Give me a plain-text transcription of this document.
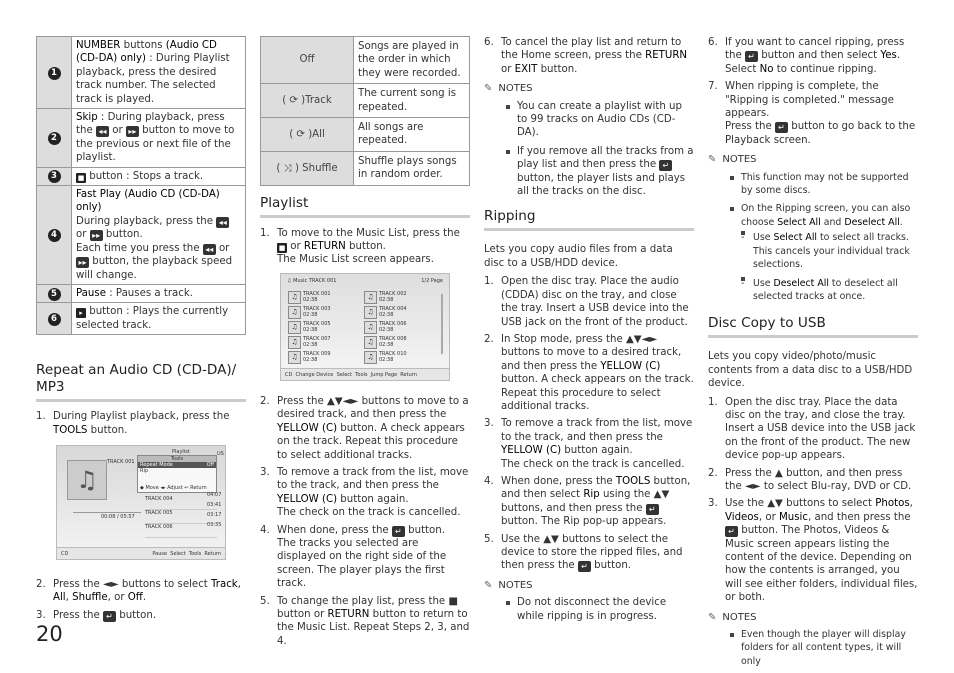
1	NUMBER buttons (Audio CD (CD-DA) only) : During Playlist playback, press the desired track number. The selected track is played.
2	Skip : During playback, press the ◂◂ or ▸▸ button to move to the previous or next file of the playlist.
3	■ button : Stops a track.
4	Fast Play (Audio CD (CD-DA) only)
During playback, press the ◂◂ or ▸▸ button.
Each time you press the ◂◂ or ▸▸ button, the playback speed will change.
5	Pause : Pauses a track.
6	▸ button : Plays the currently selected track.
Repeat an Audio CD (CD-DA)/ MP3
1. During Playlist playback, press the TOOLS button.
♫
Playlist
TRACK 001
US
Tools
Repeat Mode	Off
Rip
◆ Move ◂▸ Adjust ↩ Return
TRACK 004
TRACK 005
TRACK 006
04:07
03:41
03:17
03:35
00:08 / 05:57
CD	Pause Select Tools Return
2. Press the ◄► buttons to select Track, All, Shuffle, or Off.
3. Press the ↵ button.
Off	Songs are played in the order in which they were recorded.
( ⟳ )Track	The current song is repeated.
( ⟳ )All	All songs are repeated.
( ⤨ ) Shuffle	Shuffle plays songs in random order.
Playlist
1. To move to the Music List, press the ■ or RETURN button.
The Music List screen appears.
♫ Music TRACK 001	1/2 Page
♫	TRACK 001
02:38	♫	TRACK 002
02:38
♫	TRACK 003
02:38	♫	TRACK 004
02:38
♫	TRACK 005
02:38	♫	TRACK 006
02:38
♫	TRACK 007
02:38	♫	TRACK 008
02:38
♫	TRACK 009
02:38	♫	TRACK 010
02:38
CD Change Device Select Tools Jump Page Return
2. Press the ▲▼◄► buttons to move to a desired track, and then press the YELLOW (C) button. A check appears on the track. Repeat this procedure to select additional tracks.
3. To remove a track from the list, move to the track, and then press the YELLOW (C) button again.
The check on the track is cancelled.
4. When done, press the ↵ button.
The tracks you selected are displayed on the right side of the screen. The player plays the first track.
5. To change the play list, press the ■ button or RETURN button to return to the Music List. Repeat Steps 2, 3, and 4.
6. To cancel the play list and return to the Home screen, press the RETURN or EXIT button.
✎ NOTES
You can create a playlist with up to 99 tracks on Audio CDs (CD-DA).
If you remove all the tracks from a play list and then press the ↵ button, the player lists and plays all the tracks on the disc.
Ripping
Lets you copy audio files from a data disc to a USB/HDD device.
1. Open the disc tray. Place the audio (CDDA) disc on the tray, and close the tray. Insert a USB device into the USB jack on the front of the product.
2. In Stop mode, press the ▲▼◄► buttons to move to a desired track, and then press the YELLOW (C) button. A check appears on the track.
Repeat this procedure to select additional tracks.
3. To remove a track from the list, move to the track, and then press the YELLOW (C) button again.
The check on the track is cancelled.
4. When done, press the TOOLS button, and then select Rip using the ▲▼ buttons, and then press the ↵ button. The Rip pop-up appears.
5. Use the ▲▼ buttons to select the device to store the ripped files, and then press the ↵ button.
✎ NOTES
Do not disconnect the device while ripping is in progress.
6. If you want to cancel ripping, press the ↵ button and then select Yes. Select No to continue ripping.
7. When ripping is complete, the "Ripping is completed." message appears.
Press the ↵ button to go back to the Playback screen.
✎ NOTES
This function may not be supported by some discs.
On the Ripping screen, you can also choose Select All and Deselect All.
- Use Select All to select all tracks. This cancels your individual track selections.
- Use Deselect All to deselect all selected tracks at once.
Disc Copy to USB
Lets you copy video/photo/music contents from a data disc to a USB/HDD device.
1. Open the disc tray. Place the data disc on the tray, and close the tray. Insert a USB device into the USB jack on the front of the product. The new device pop-up appears.
2. Press the ▲ button, and then press the ◄► to select Blu-ray, DVD or CD.
3. Use the ▲▼ buttons to select Photos, Videos, or Music, and then press the ↵ button. The Photos, Videos & Music screen appears listing the content of the device. Depending on how the contents is arranged, you will see either folders, individual files, or both.
✎ NOTES
Even though the player will display folders for all content types, it will only
20
